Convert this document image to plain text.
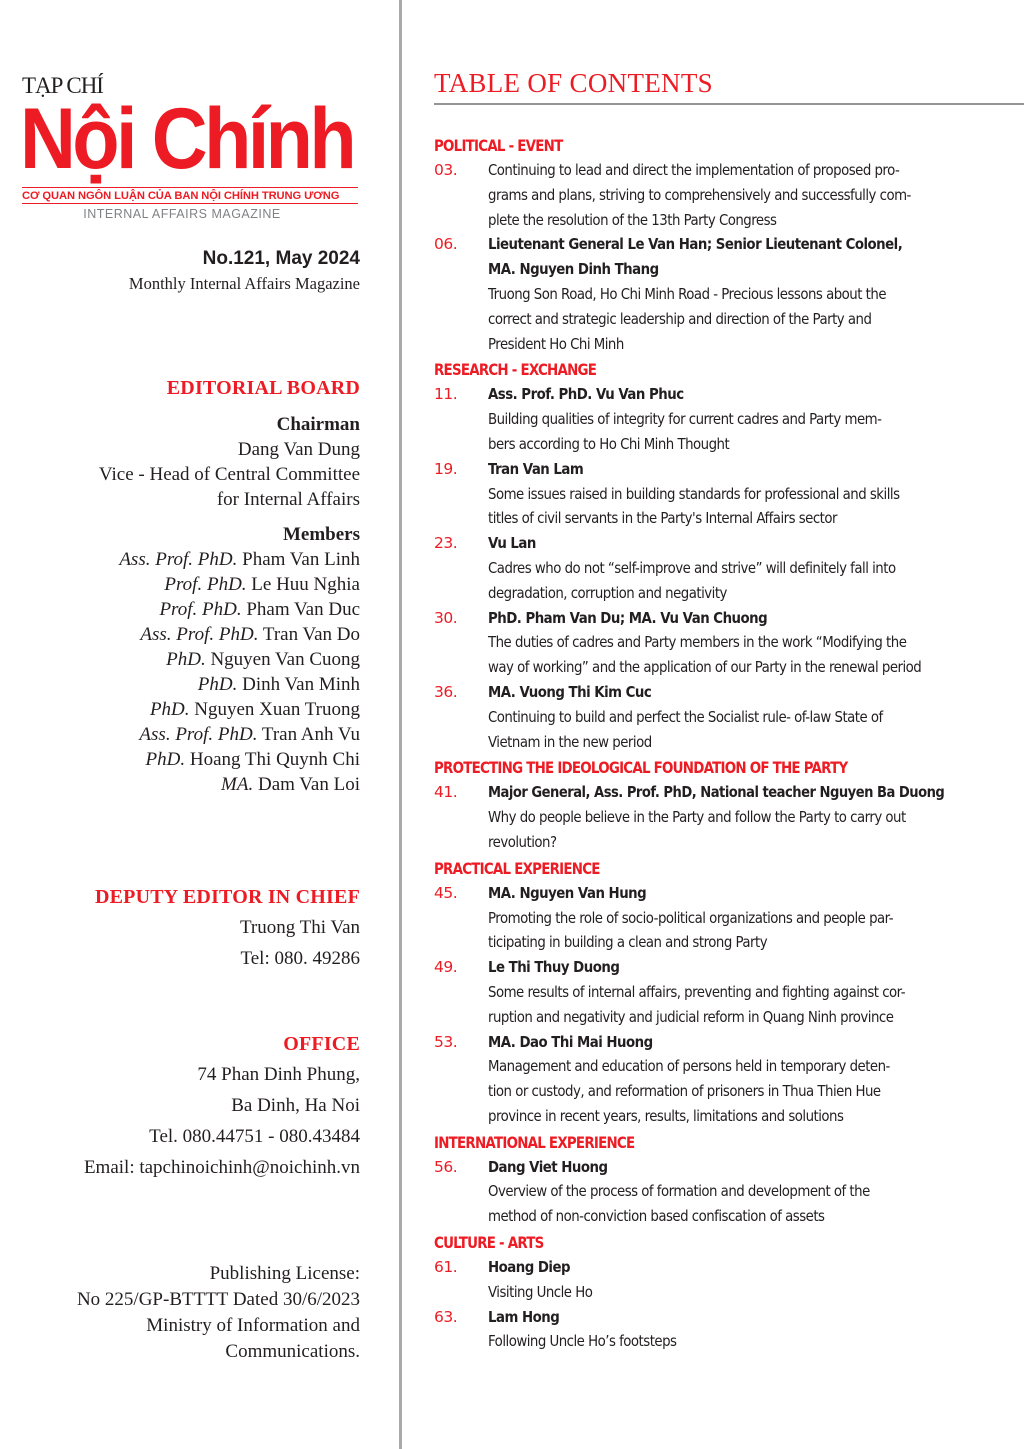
TẠP CHÍ
Nội Chính
CƠ QUAN NGÔN LUẬN CỦA BAN NỘI CHÍNH TRUNG ƯƠNG
INTERNAL AFFAIRS MAGAZINE
No.121, May 2024
Monthly Internal Affairs Magazine
EDITORIAL BOARD
Chairman
Dang Van Dung
Vice - Head of Central Committee
for Internal Affairs
Members
Ass. Prof. PhD. Pham Van Linh
Prof. PhD. Le Huu Nghia
Prof. PhD. Pham Van Duc
Ass. Prof. PhD. Tran Van Do
PhD. Nguyen Van Cuong
PhD. Dinh Van Minh
PhD. Nguyen Xuan Truong
Ass. Prof. PhD. Tran Anh Vu
PhD. Hoang Thi Quynh Chi
MA. Dam Van Loi
DEPUTY EDITOR IN CHIEF
Truong Thi Van
Tel: 080. 49286
OFFICE
74 Phan Dinh Phung,
Ba Dinh, Ha Noi
Tel. 080.44751 - 080.43484
Email: tapchinoichinh@noichinh.vn
Publishing License:
No 225/GP-BTTTT Dated 30/6/2023
Ministry of Information and
Communications.
TABLE OF CONTENTS
POLITICAL - EVENT
03.	Continuing to lead and direct the implementation of proposed pro-
grams and plans, striving to comprehensively and successfully com-
plete the resolution of the 13th Party Congress
06.	Lieutenant General Le Van Han; Senior Lieutenant Colonel,
MA. Nguyen Dinh Thang
Truong Son Road, Ho Chi Minh Road - Precious lessons about the
correct and strategic leadership and direction of the Party and
President Ho Chi Minh
RESEARCH - EXCHANGE
11.	Ass. Prof. PhD. Vu Van Phuc
Building qualities of integrity for current cadres and Party mem-
bers according to Ho Chi Minh Thought
19.	Tran Van Lam
Some issues raised in building standards for professional and skills
titles of civil servants in the Party's Internal Affairs sector
23.	Vu Lan
Cadres who do not “self-improve and strive” will definitely fall into
degradation, corruption and negativity
30.	PhD. Pham Van Du; MA. Vu Van Chuong
The duties of cadres and Party members in the work “Modifying the
way of working” and the application of our Party in the renewal period
36.	MA. Vuong Thi Kim Cuc
Continuing to build and perfect the Socialist rule- of-law State of
Vietnam in the new period
PROTECTING THE IDEOLOGICAL FOUNDATION OF THE PARTY
41.	Major General, Ass. Prof. PhD, National teacher Nguyen Ba Duong
Why do people believe in the Party and follow the Party to carry out
revolution?
PRACTICAL EXPERIENCE
45.	MA. Nguyen Van Hung
Promoting the role of socio-political organizations and people par-
ticipating in building a clean and strong Party
49.	Le Thi Thuy Duong
Some results of internal affairs, preventing and fighting against cor-
ruption and negativity and judicial reform in Quang Ninh province
53.	MA. Dao Thi Mai Huong
Management and education of persons held in temporary deten-
tion or custody, and reformation of prisoners in Thua Thien Hue
province in recent years, results, limitations and solutions
INTERNATIONAL EXPERIENCE
56.	Dang Viet Huong
Overview of the process of formation and development of the
method of non-conviction based confiscation of assets
CULTURE - ARTS
61.	Hoang Diep
Visiting Uncle Ho
63.	Lam Hong
Following Uncle Ho’s footsteps
